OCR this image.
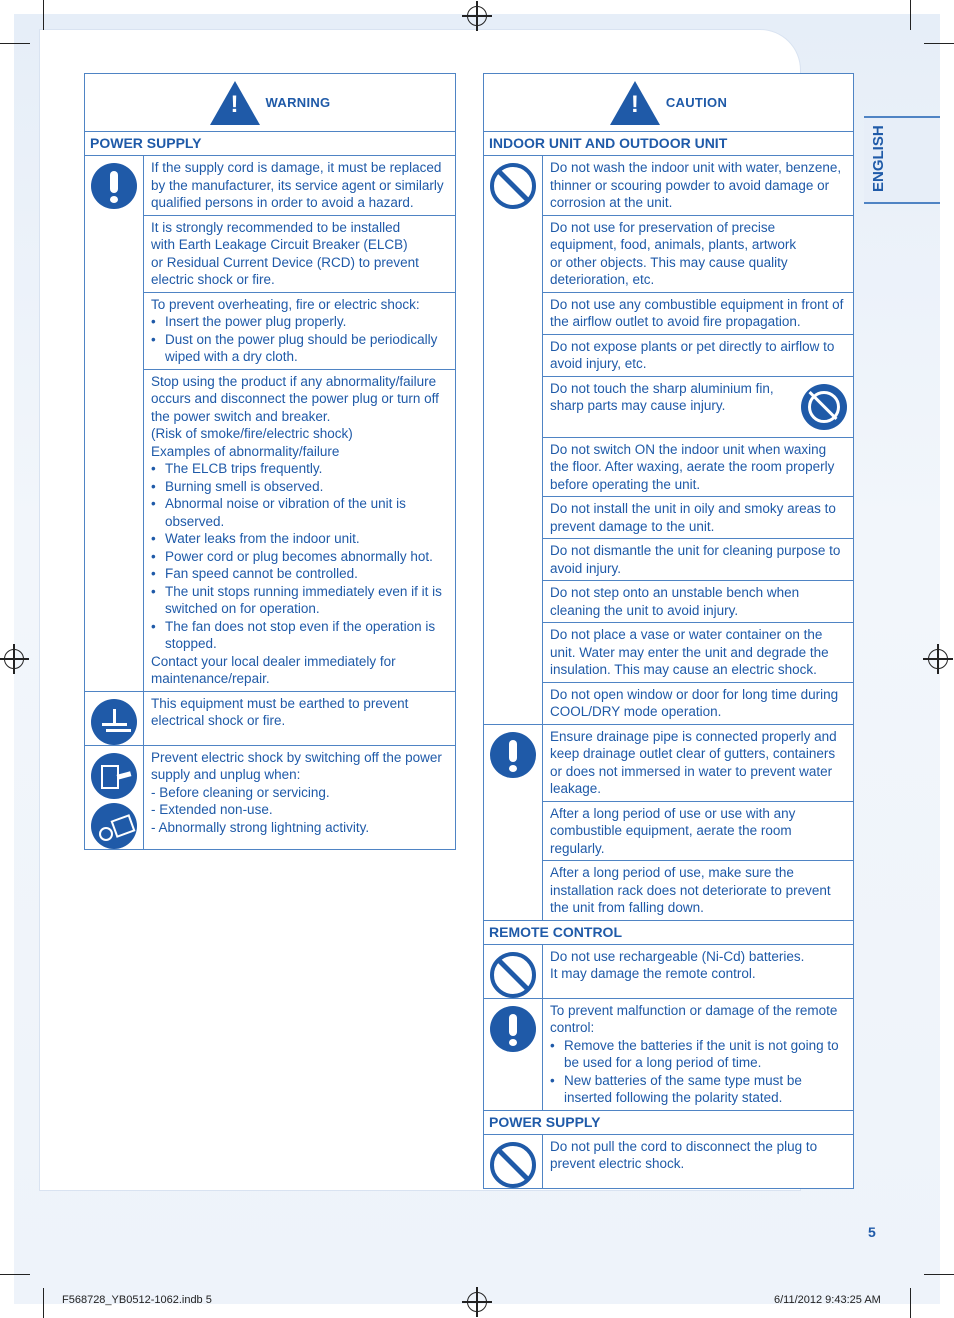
ENGLISH
! WARNING
POWER SUPPLY
If the supply cord is damage, it must be replaced
by the manufacturer, its service agent or similarly
qualified persons in order to avoid a hazard.
It is strongly recommended to be installed
with Earth Leakage Circuit Breaker (ELCB)
or Residual Current Device (RCD) to prevent
electric shock or fire.
To prevent overheating, fire or electric shock:
• Insert the power plug properly.
• Dust on the power plug should be periodically wiped with a dry cloth.
Stop using the product if any abnormality/failure
occurs and disconnect the power plug or turn off
the power switch and breaker.
(Risk of smoke/fire/electric shock)
Examples of abnormality/failure
• The ELCB trips frequently.
• Burning smell is observed.
• Abnormal noise or vibration of the unit is observed.
• Water leaks from the indoor unit.
• Power cord or plug becomes abnormally hot.
• Fan speed cannot be controlled.
• The unit stops running immediately even if it is switched on for operation.
• The fan does not stop even if the operation is stopped.
Contact your local dealer immediately for
maintenance/repair.
This equipment must be earthed to prevent
electrical shock or fire.
Prevent electric shock by switching off the power
supply and unplug when:
- Before cleaning or servicing.
- Extended non-use.
- Abnormally strong lightning activity.
! CAUTION
INDOOR UNIT AND OUTDOOR UNIT
Do not wash the indoor unit with water, benzene,
thinner or scouring powder to avoid damage or
corrosion at the unit.
Do not use for preservation of precise
equipment, food, animals, plants, artwork
or other objects. This may cause quality
deterioration, etc.
Do not use any combustible equipment in front of
the airflow outlet to avoid fire propagation.
Do not expose plants or pet directly to airflow to
avoid injury, etc.
Do not touch the sharp aluminium fin,
sharp parts may cause injury.
Do not switch ON the indoor unit when waxing
the floor. After waxing, aerate the room properly
before operating the unit.
Do not install the unit in oily and smoky areas to
prevent damage to the unit.
Do not dismantle the unit for cleaning purpose to
avoid injury.
Do not step onto an unstable bench when
cleaning the unit to avoid injury.
Do not place a vase or water container on the
unit. Water may enter the unit and degrade the
insulation. This may cause an electric shock.
Do not open window or door for long time during
COOL/DRY mode operation.
Ensure drainage pipe is connected properly and
keep drainage outlet clear of gutters, containers
or does not immersed in water to prevent water
leakage.
After a long period of use or use with any
combustible equipment, aerate the room
regularly.
After a long period of use, make sure the
installation rack does not deteriorate to prevent
the unit from falling down.
REMOTE CONTROL
Do not use rechargeable (Ni-Cd) batteries.
It may damage the remote control.
To prevent malfunction or damage of the remote
control:
• Remove the batteries if the unit is not going to be used for a long period of time.
• New batteries of the same type must be inserted following the polarity stated.
POWER SUPPLY
Do not pull the cord to disconnect the plug to
prevent electric shock.
5
F568728_YB0512-1062.indb 5	6/11/2012 9:43:25 AM
